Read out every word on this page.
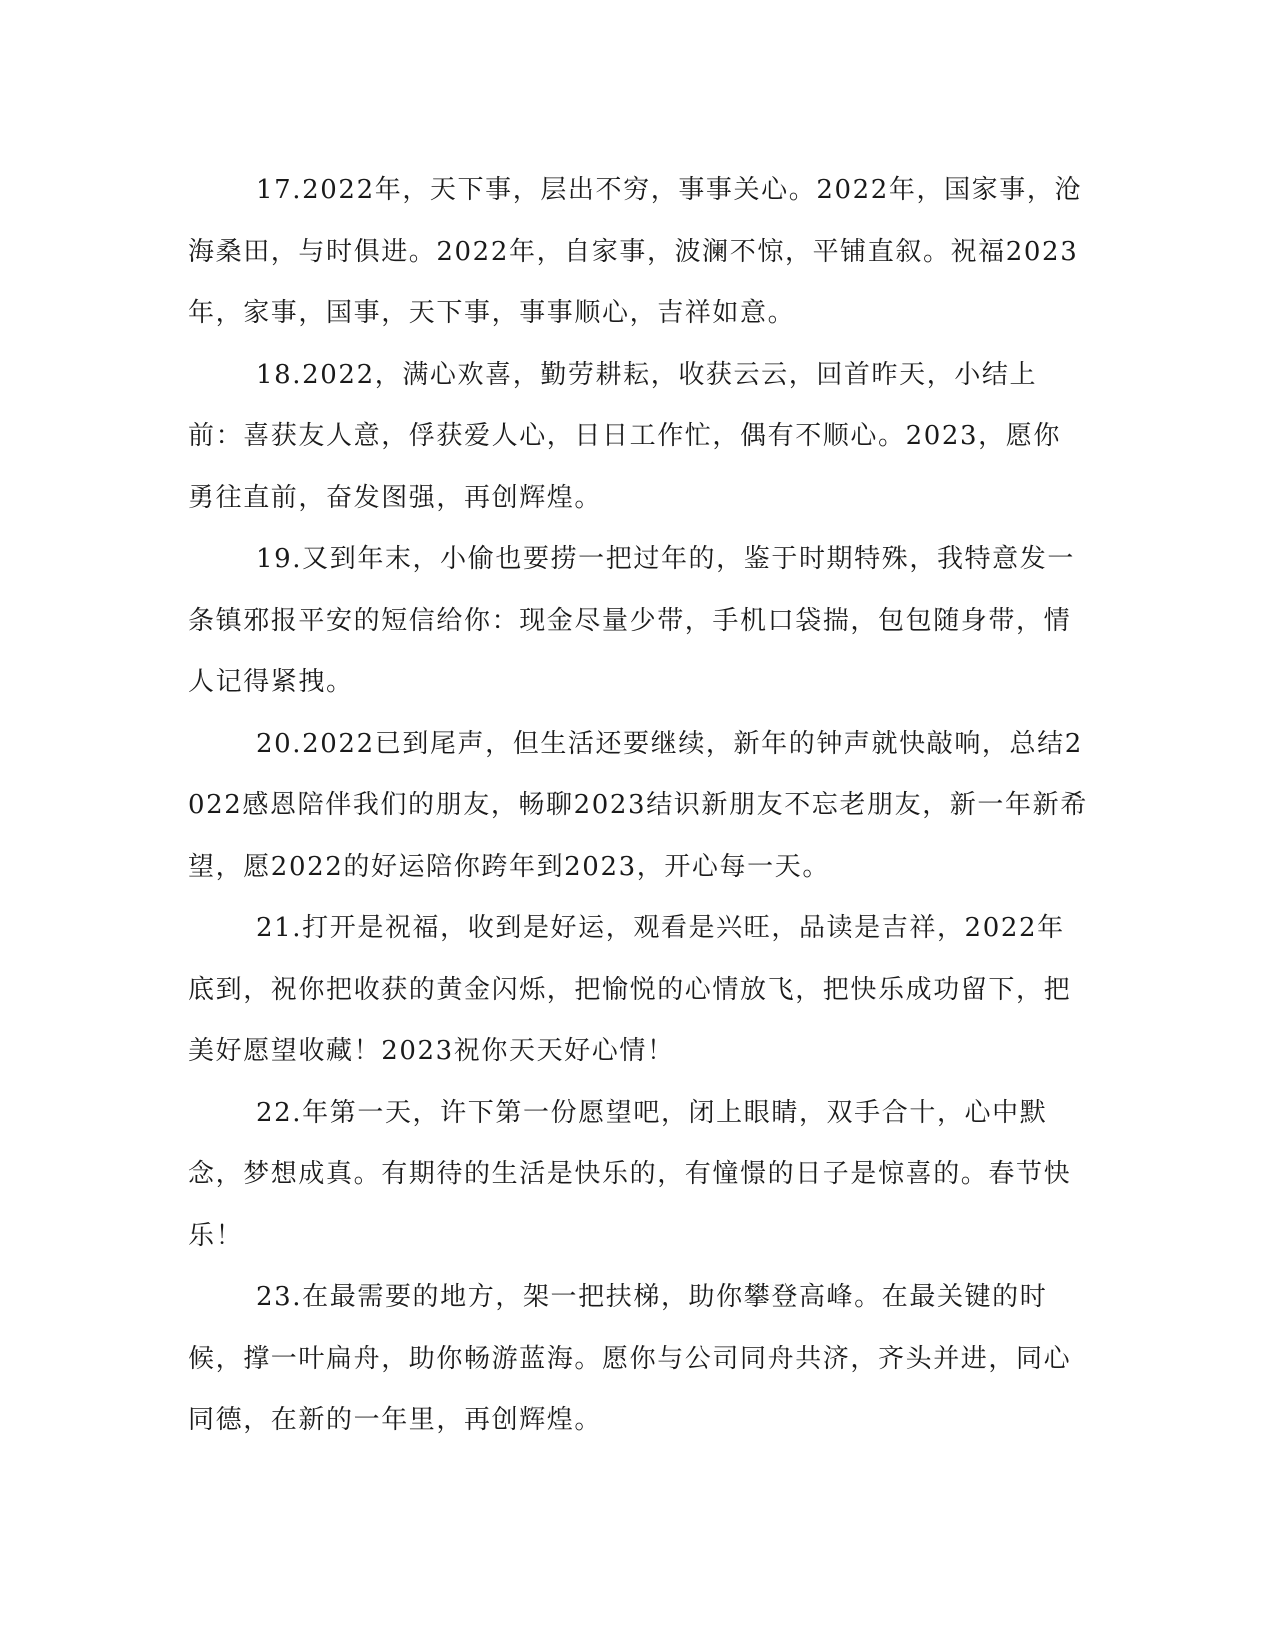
17.2022年，天下事，层出不穷，事事关心。2022年，国家事，沧海桑田，与时俱进。2022年，自家事，波澜不惊，平铺直叙。祝福2023年，家事，国事，天下事，事事顺心，吉祥如意。

18.2022，满心欢喜，勤劳耕耘，收获云云，回首昨天，小结上前：喜获友人意，俘获爱人心，日日工作忙，偶有不顺心。2023，愿你勇往直前，奋发图强，再创辉煌。

19.又到年末，小偷也要捞一把过年的，鉴于时期特殊，我特意发一条镇邪报平安的短信给你：现金尽量少带，手机口袋揣，包包随身带，情人记得紧拽。

20.2022已到尾声，但生活还要继续，新年的钟声就快敲响，总结2022感恩陪伴我们的朋友，畅聊2023结识新朋友不忘老朋友，新一年新希望，愿2022的好运陪你跨年到2023，开心每一天。

21.打开是祝福，收到是好运，观看是兴旺，品读是吉祥，2022年底到，祝你把收获的黄金闪烁，把愉悦的心情放飞，把快乐成功留下，把美好愿望收藏！2023祝你天天好心情！

22.年第一天，许下第一份愿望吧，闭上眼睛，双手合十，心中默念，梦想成真。有期待的生活是快乐的，有憧憬的日子是惊喜的。春节快乐！

23.在最需要的地方，架一把扶梯，助你攀登高峰。在最关键的时候，撑一叶扁舟，助你畅游蓝海。愿你与公司同舟共济，齐头并进，同心同德，在新的一年里，再创辉煌。
